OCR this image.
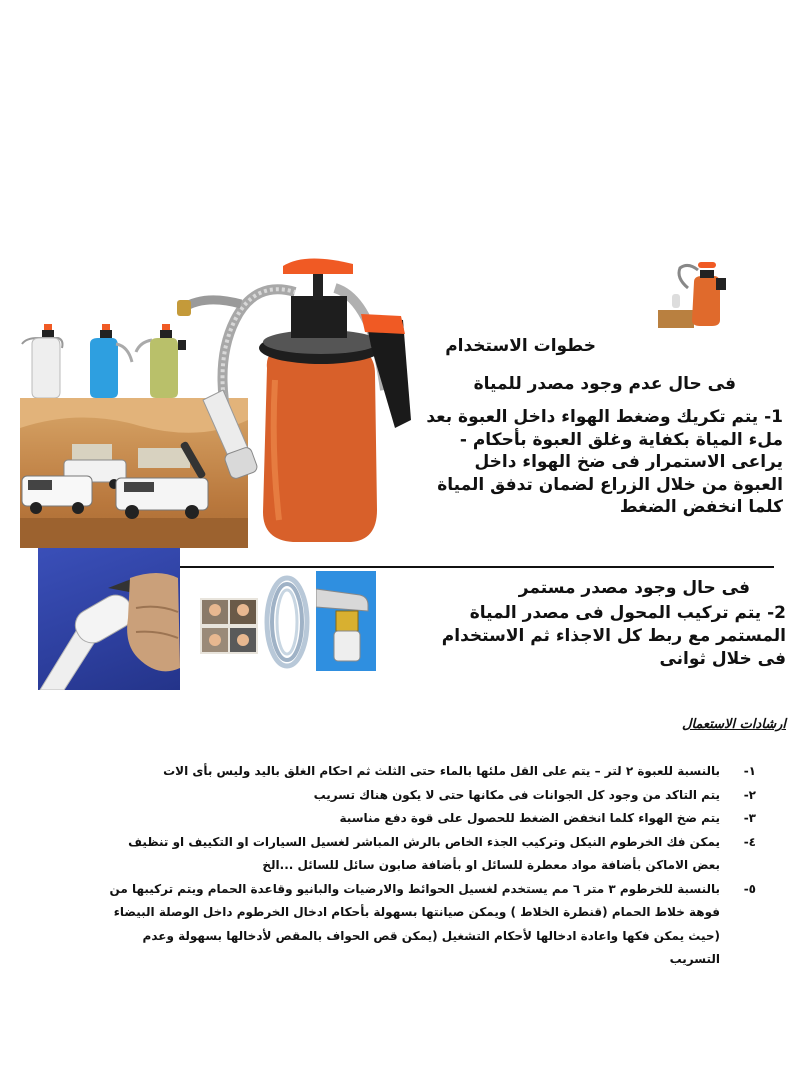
خطوات الاستخدام
فى حال عدم وجود مصدر للمياة
1- يتم تكريك وضغط الهواء داخل العبوة بعد ملء المياة بكفاية وغلق العبوة بأحكام - يراعى الاستمرار فى ضخ الهواء داخل العبوة من خلال الزراع لضمان تدفق المياة كلما انخفض الضغط
فى حال وجود مصدر مستمر
2- يتم تركيب المحول فى مصدر المياة المستمر مع ربط كل الاجذاء ثم الاستخدام فى خلال ثوانى
ارشادات الاستعمال
١-
بالنسبة للعبوة ٢ لتر – يتم على القل ملئها بالماء حتى الثلث ثم احكام الغلق باليد وليس بأى الات
٢-
يتم التاكد من وجود كل الجوانات فى مكانها حتى لا يكون هناك تسريب
٣-
يتم ضخ الهواء كلما انخفض الضغط للحصول على قوة دفع مناسبة
٤-
يمكن فك الخرطوم النيكل وتركيب الجذء الخاص بالرش المباشر لغسيل السيارات او التكييف او تنظيف بعض الاماكن بأضافة مواد معطرة للسائل او بأضافة صابون سائل للسائل ...الخ
٥-
بالنسبة للخرطوم ٣ متر ٦ مم يستخدم لغسيل الحوائط والارضيات والبانيو وقاعدة الحمام ويتم تركيبها من فوهة خلاط الحمام (قنطرة الخلاط ) ويمكن صيانتها بسهولة بأحكام ادخال الخرطوم داخل الوصلة البيضاء (حيث يمكن فكها واعادة ادخالها لأحكام التشغيل (يمكن قص الحواف بالمقص لأدخالها بسهولة وعدم التسريب
